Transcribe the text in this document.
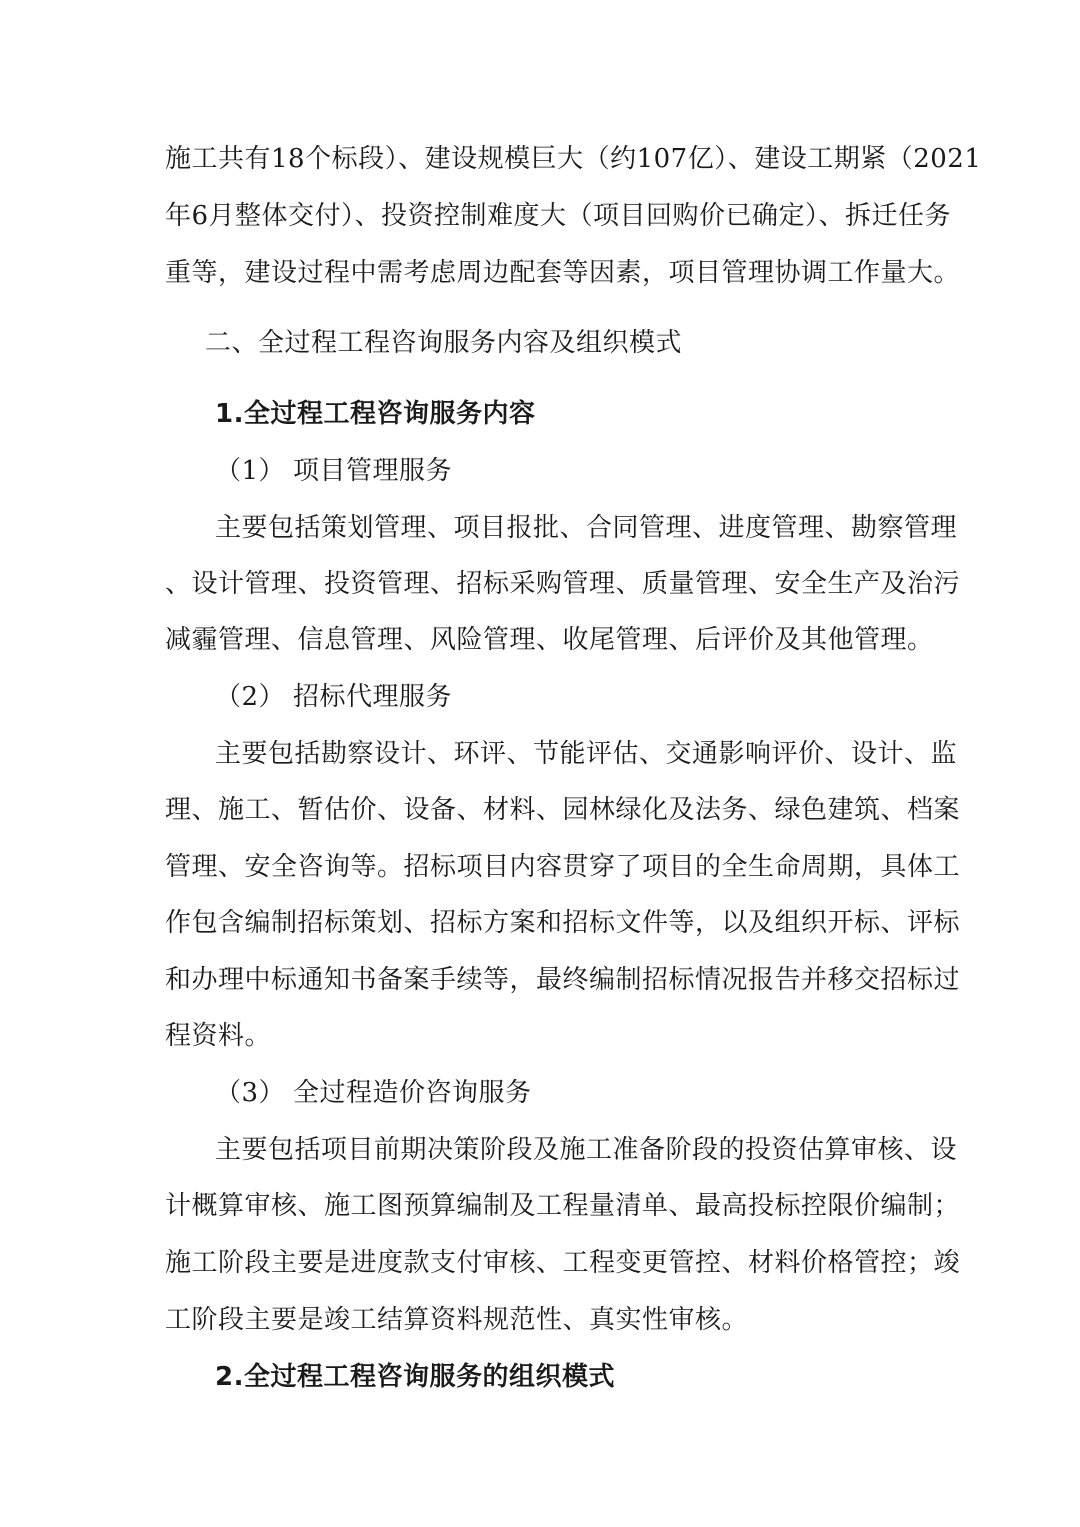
施工共有18个标段）、建设规模巨大（约107亿）、建设工期紧（2021
年6月整体交付）、投资控制难度大（项目回购价已确定）、拆迁任务
重等，建设过程中需考虑周边配套等因素，项目管理协调工作量大。
二、全过程工程咨询服务内容及组织模式
1.全过程工程咨询服务内容
（1） 项目管理服务
主要包括策划管理、项目报批、合同管理、进度管理、勘察管理
、设计管理、投资管理、招标采购管理、质量管理、安全生产及治污
减霾管理、信息管理、风险管理、收尾管理、后评价及其他管理。
（2） 招标代理服务
主要包括勘察设计、环评、节能评估、交通影响评价、设计、监
理、施工、暂估价、设备、材料、园林绿化及法务、绿色建筑、档案
管理、安全咨询等。招标项目内容贯穿了项目的全生命周期，具体工
作包含编制招标策划、招标方案和招标文件等，以及组织开标、评标
和办理中标通知书备案手续等，最终编制招标情况报告并移交招标过
程资料。
（3） 全过程造价咨询服务
主要包括项目前期决策阶段及施工准备阶段的投资估算审核、设
计概算审核、施工图预算编制及工程量清单、最高投标控限价编制；
施工阶段主要是进度款支付审核、工程变更管控、材料价格管控；竣
工阶段主要是竣工结算资料规范性、真实性审核。
2.全过程工程咨询服务的组织模式
